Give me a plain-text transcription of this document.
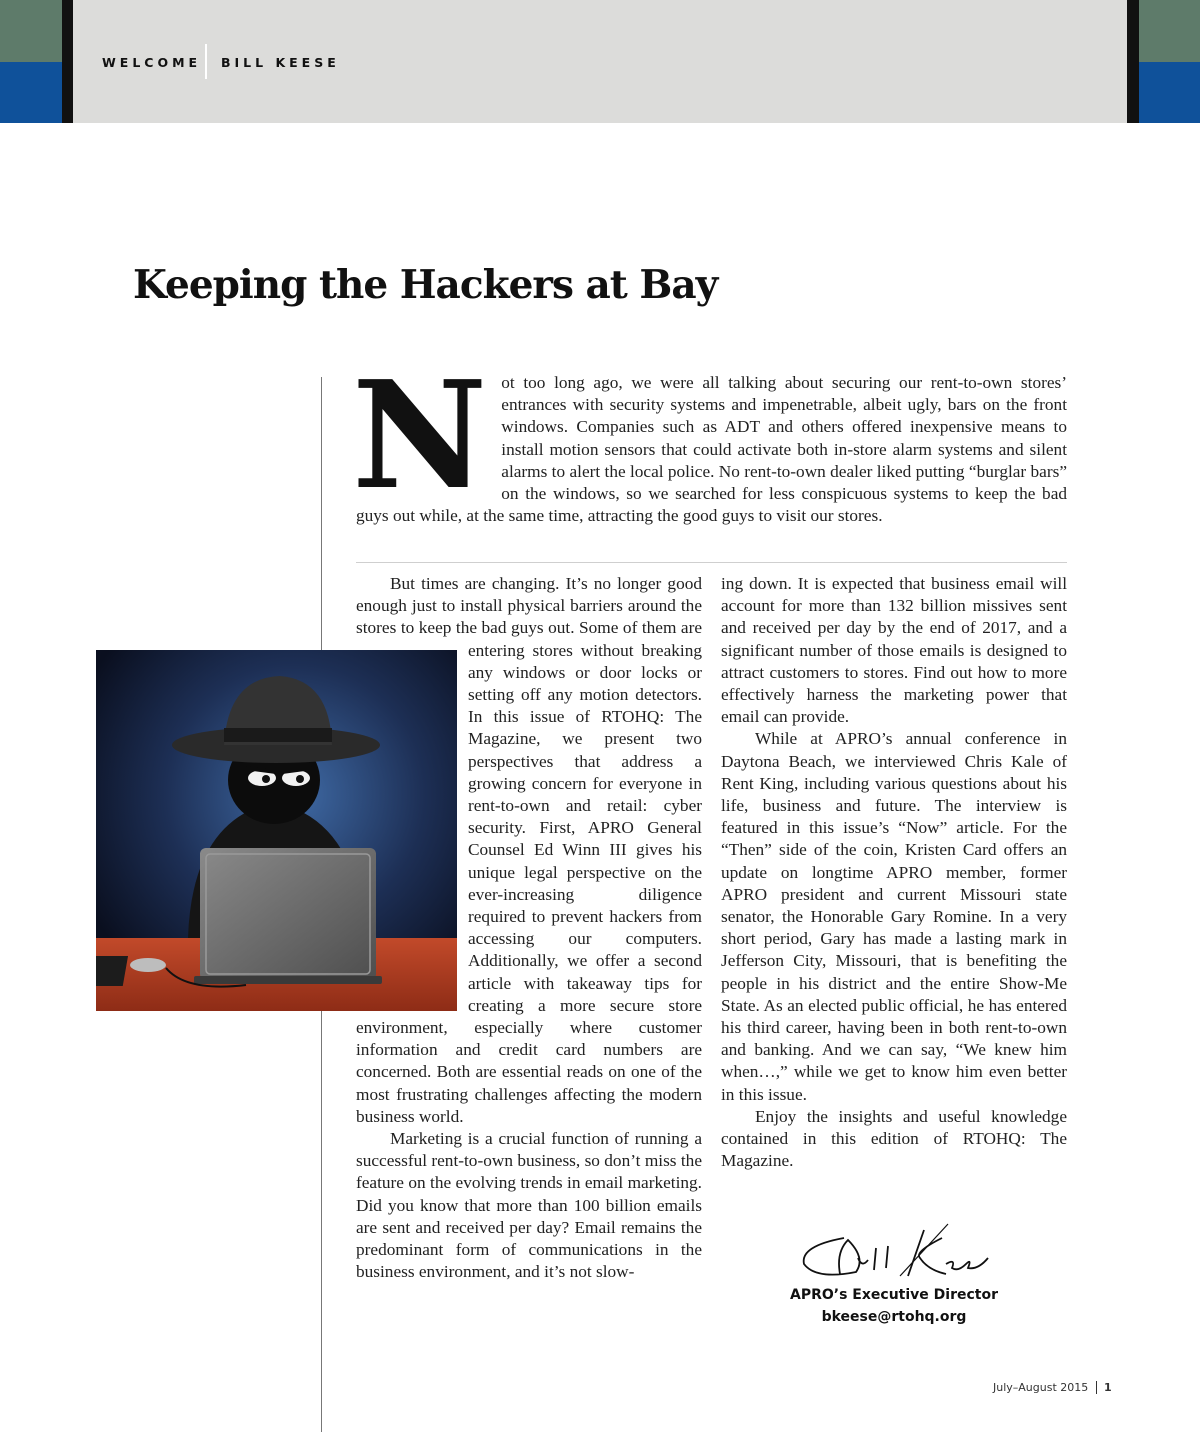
WELCOME BILL KEESE
Keeping the Hackers at Bay
Not too long ago, we were all talking about securing our rent-to-own stores’ entrances with security systems and impenetrable, albeit ugly, bars on the front windows. Companies such as ADT and others offered inexpensive means to install motion sensors that could activate both in-store alarm systems and silent alarms to alert the local police. No rent-to-own dealer liked putting “burglar bars” on the windows, so we searched for less conspicuous systems to keep the bad guys out while, at the same time, attracting the good guys to visit our stores.

But times are changing. It’s no longer good enough just to install physical barriers around the stores to keep the bad guys out. Some of them are entering stores without breaking any windows or door locks or setting off any motion detectors. In this issue of RTOHQ: The Magazine, we present two perspectives that address a growing concern for everyone in rent-to-own and retail: cyber security. First, APRO General Counsel Ed Winn III gives his unique legal perspective on the ever-increasing diligence required to prevent hackers from accessing our computers. Additionally, we offer a second article with takeaway tips for creating a more secure store environment, especially where customer information and credit card numbers are concerned. Both are essential reads on one of the most frustrating challenges affecting the modern business world.

Marketing is a crucial function of running a successful rent-to-own business, so don’t miss the feature on the evolving trends in email marketing. Did you know that more than 100 billion emails are sent and received per day? Email remains the predominant form of communications in the business environment, and it’s not slow-

ing down. It is expected that business email will account for more than 132 billion missives sent and received per day by the end of 2017, and a significant number of those emails is designed to attract customers to stores. Find out how to more effectively harness the marketing power that email can provide.

While at APRO’s annual conference in Daytona Beach, we interviewed Chris Kale of Rent King, including various questions about his life, business and future. The interview is featured in this issue’s “Now” article. For the “Then” side of the coin, Kristen Card offers an update on longtime APRO member, former APRO president and current Missouri state senator, the Honorable Gary Romine. In a very short period, Gary has made a lasting mark in Jefferson City, Missouri, that is benefiting the people in his district and the entire Show-Me State. As an elected public official, he has entered his third career, having been in both rent-to-own and banking. And we can say, “We knew him when…,” while we get to know him even better in this issue.

Enjoy the insights and useful knowledge contained in this edition of RTOHQ: The Magazine.

APRO’s Executive Director
bkeese@rtohq.org
July–August 2015 1
